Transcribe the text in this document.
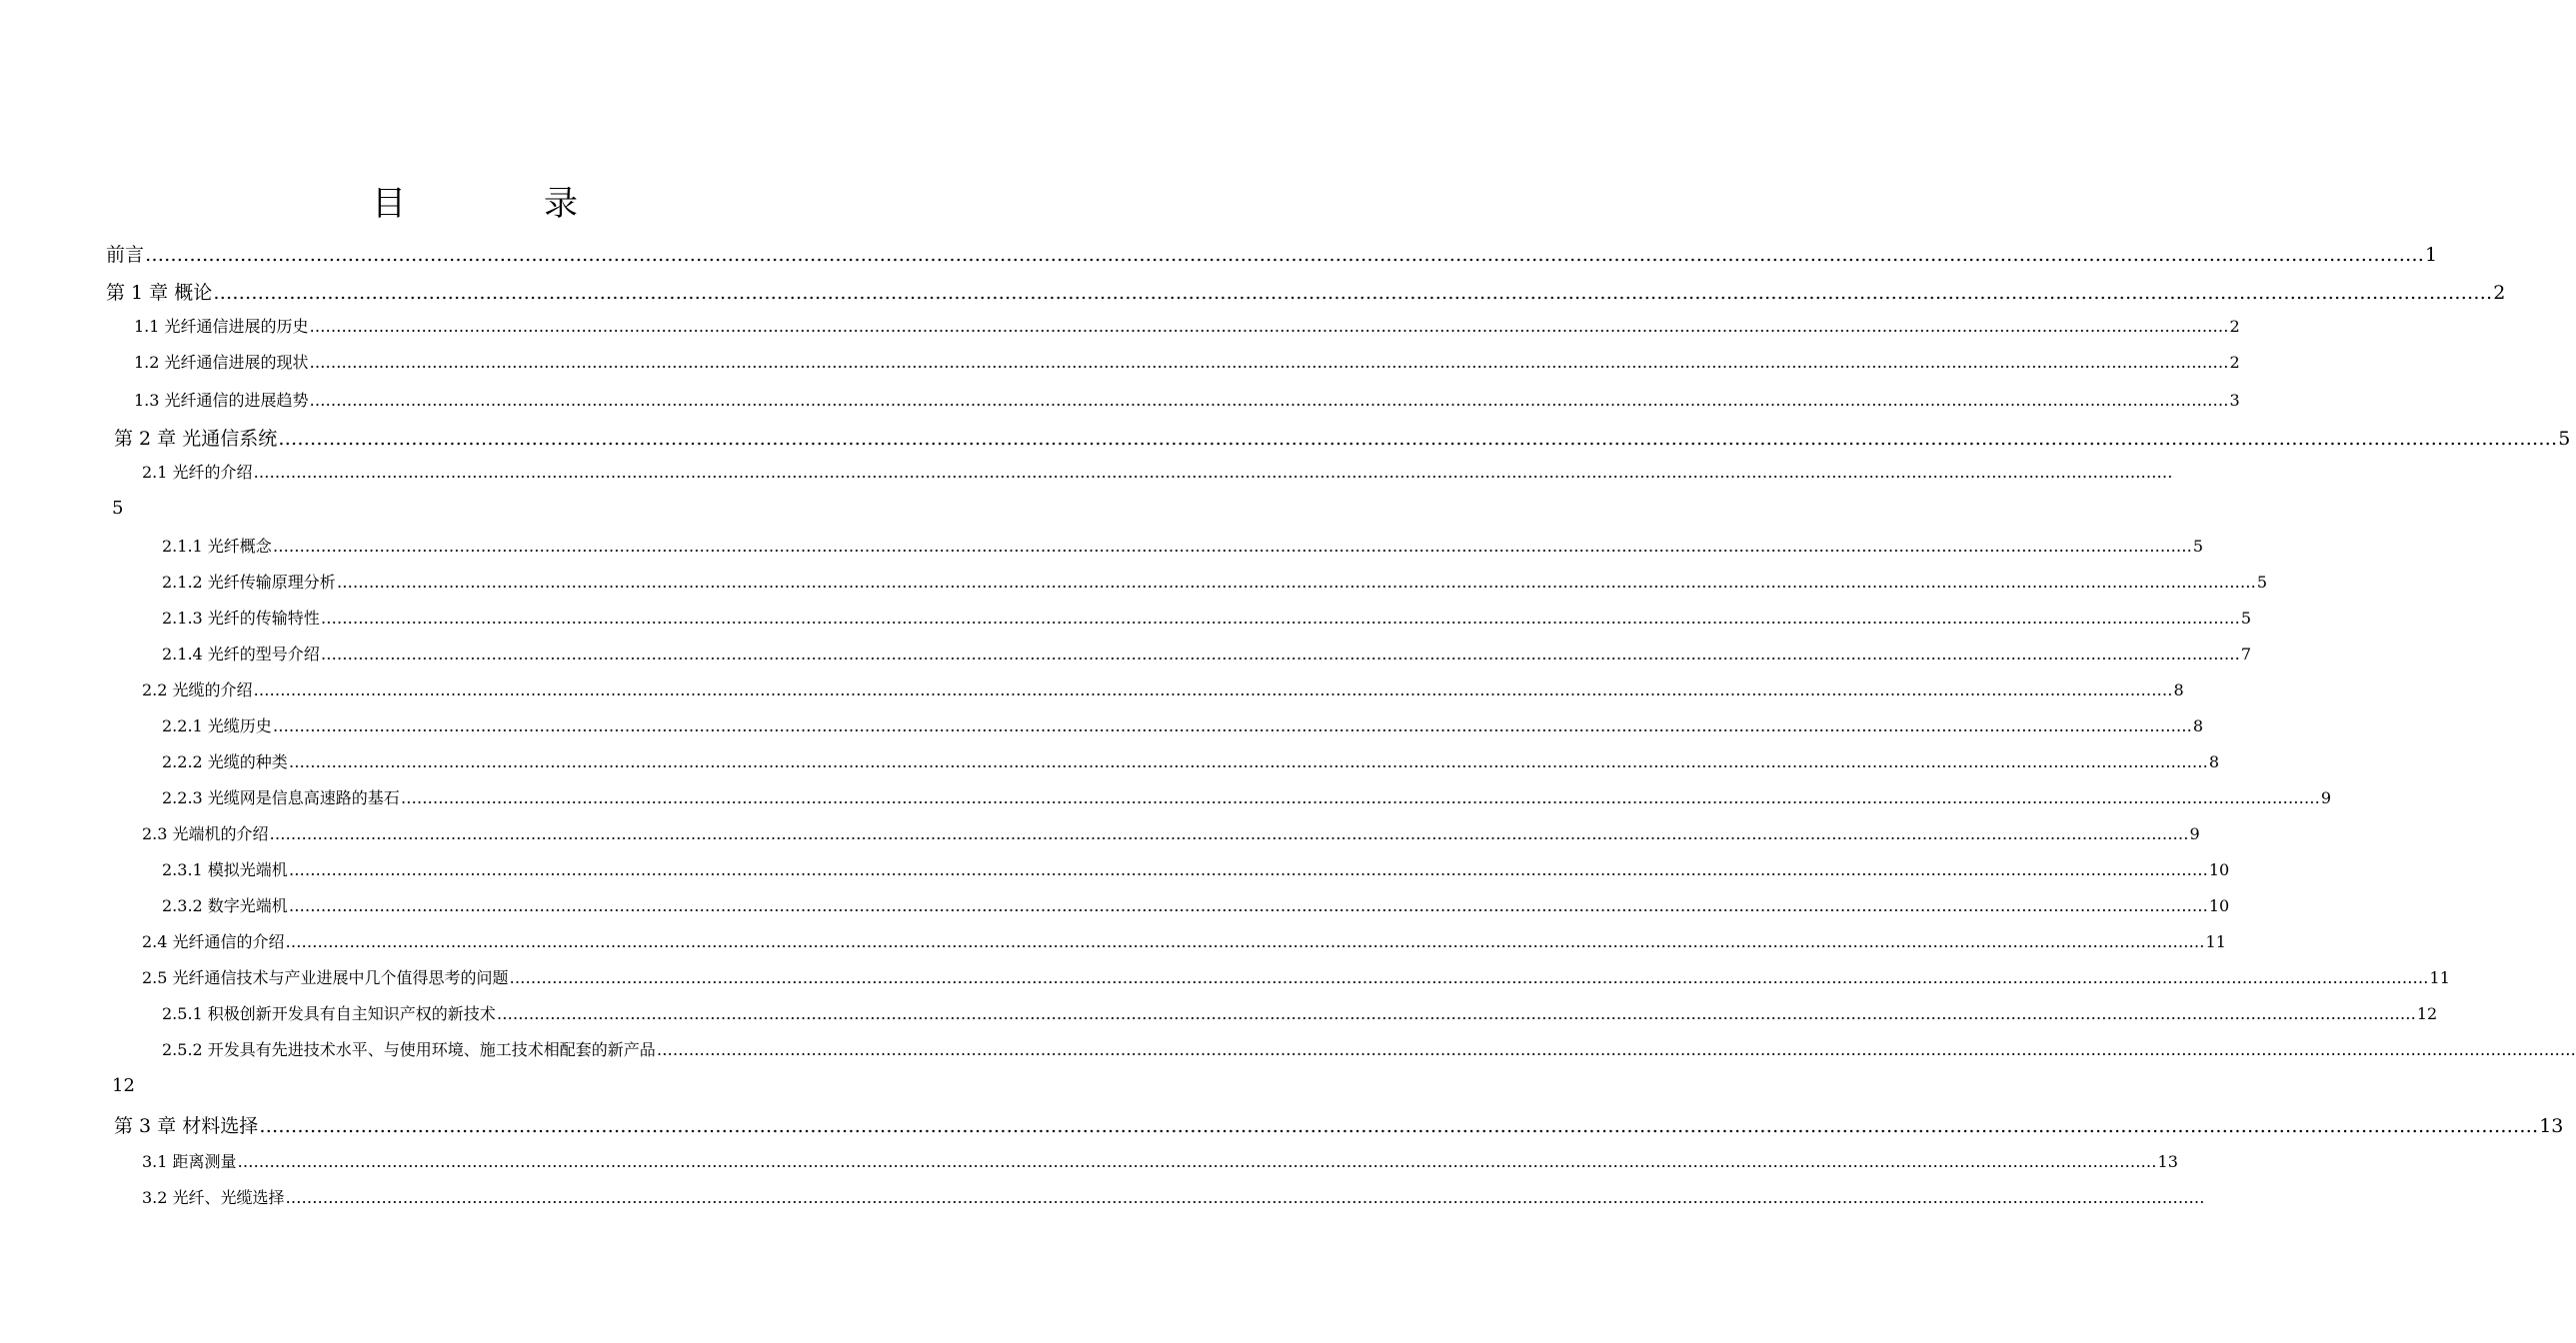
目　录
前言 ……………………………………………………………………………………………………………………………………………………………………………………………………………………………………………………………………………………………………………………………… 1
第 1 章 概论 ……………………………………………………………………………………………………………………………………………………………………………………………………………………………………………………………………………………………………………………………… 2
1.1 光纤通信进展的历史 ……………………………………………………………………………………………………………………………………………………………………………………………………………………………………………………………………………………………………………………………… 2
1.2 光纤通信进展的现状 ……………………………………………………………………………………………………………………………………………………………………………………………………………………………………………………………………………………………………………………………… 2
1.3 光纤通信的进展趋势 ……………………………………………………………………………………………………………………………………………………………………………………………………………………………………………………………………………………………………………………………… 3
第 2 章 光通信系统 ……………………………………………………………………………………………………………………………………………………………………………………………………………………………………………………………………………………………………………………………… 5
5
2.1 光纤的介绍 ………………………………………………………………………………………………………………………………………………………………………………………………………………………………………………………………………………………………………………………………
2.1.1 光纤概念 ……………………………………………………………………………………………………………………………………………………………………………………………………………………………………………………………………………………………………………………………… 5
2.1.2 光纤传输原理分析 ……………………………………………………………………………………………………………………………………………………………………………………………………………………………………………………………………………………………………………………………… 5
2.1.3 光纤的传输特性 ……………………………………………………………………………………………………………………………………………………………………………………………………………………………………………………………………………………………………………………………… 5
2.1.4 光纤的型号介绍 ……………………………………………………………………………………………………………………………………………………………………………………………………………………………………………………………………………………………………………………………… 7
2.2 光缆的介绍 ……………………………………………………………………………………………………………………………………………………………………………………………………………………………………………………………………………………………………………………………… 8
2.2.1 光缆历史 ……………………………………………………………………………………………………………………………………………………………………………………………………………………………………………………………………………………………………………………………… 8
2.2.2 光缆的种类 ……………………………………………………………………………………………………………………………………………………………………………………………………………………………………………………………………………………………………………………………… 8
2.2.3 光缆网是信息高速路的基石 ……………………………………………………………………………………………………………………………………………………………………………………………………………………………………………………………………………………………………………………………… 9
2.3 光端机的介绍 ……………………………………………………………………………………………………………………………………………………………………………………………………………………………………………………………………………………………………………………………… 9
2.3.1 模拟光端机 ……………………………………………………………………………………………………………………………………………………………………………………………………………………………………………………………………………………………………………………………… 10
2.3.2 数字光端机 ……………………………………………………………………………………………………………………………………………………………………………………………………………………………………………………………………………………………………………………………… 10
2.4 光纤通信的介绍 ……………………………………………………………………………………………………………………………………………………………………………………………………………………………………………………………………………………………………………………………… 11
2.5 光纤通信技术与产业进展中几个值得思考的问题 ……………………………………………………………………………………………………………………………………………………………………………………………………………………………………………………………………………………………………………………………… 11
2.5.1 积极创新开发具有自主知识产权的新技术 ……………………………………………………………………………………………………………………………………………………………………………………………………………………………………………………………………………………………………………………………… 12
12
2.5.2 开发具有先进技术水平、与使用环境、施工技术相配套的新产品 ………………………………………………………………………………………………………………………………………………………………………………………………………………………………………………………………………………………………………………………………
第 3 章 材料选择 ……………………………………………………………………………………………………………………………………………………………………………………………………………………………………………………………………………………………………………………………… 13
3.1 距离测量 ……………………………………………………………………………………………………………………………………………………………………………………………………………………………………………………………………………………………………………………………… 13
3.2 光纤、光缆选择 ………………………………………………………………………………………………………………………………………………………………………………………………………………………………………………………………………………………………………………………………
